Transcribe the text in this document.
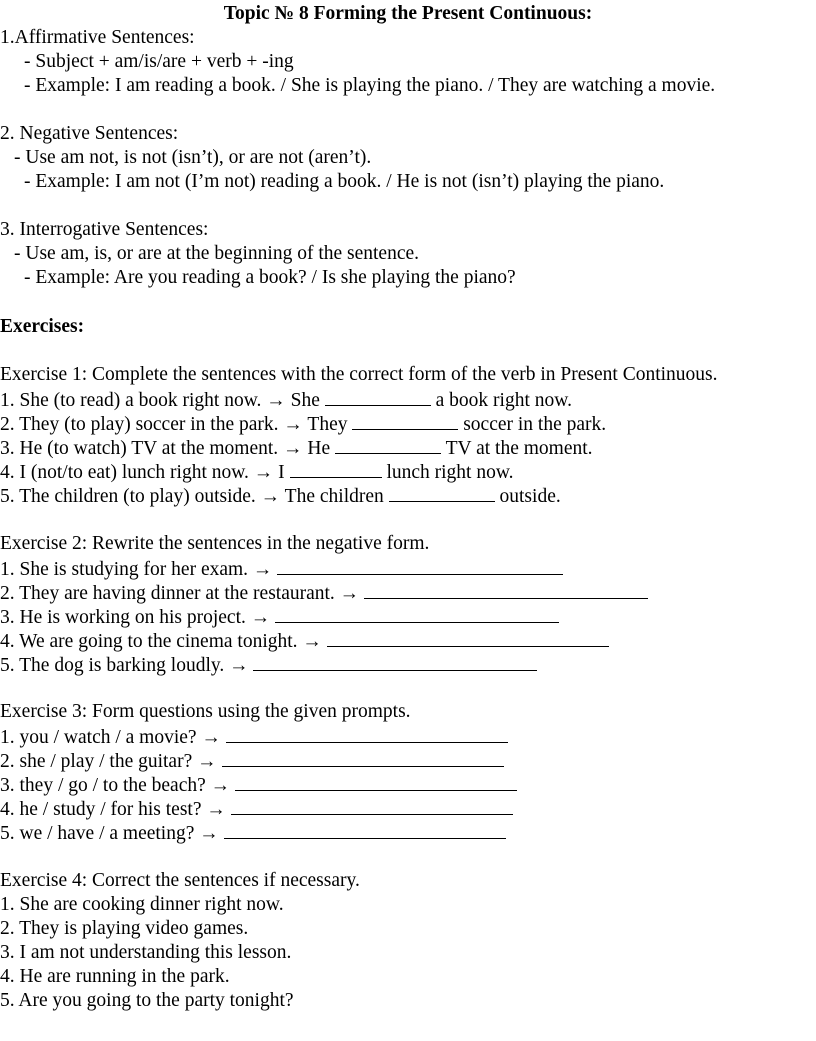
Topic № 8 Forming the Present Continuous:
1.Affirmative Sentences:
- Subject + am/is/are + verb + -ing
- Example: I am reading a book. / She is playing the piano. / They are watching a movie.
2. Negative Sentences:
- Use am not, is not (isn’t), or are not (aren’t).
- Example: I am not (I’m not) reading a book. / He is not (isn’t) playing the piano.
3. Interrogative Sentences:
- Use am, is, or are at the beginning of the sentence.
- Example: Are you reading a book? / Is she playing the piano?
Exercises:
Exercise 1: Complete the sentences with the correct form of the verb in Present Continuous.
1. She (to read) a book right now. → She	a book right now.
2. They (to play) soccer in the park. → They	soccer in the park.
3. He (to watch) TV at the moment. → He	TV at the moment.
4. I (not/to eat) lunch right now. → I	lunch right now.
5. The children (to play) outside. → The children	outside.
Exercise 2: Rewrite the sentences in the negative form.
1. She is studying for her exam. →
2. They are having dinner at the restaurant. →
3. He is working on his project. →
4. We are going to the cinema tonight. →
5. The dog is barking loudly. →
Exercise 3: Form questions using the given prompts.
1. you / watch / a movie? →
2. she / play / the guitar? →
3. they / go / to the beach? →
4. he / study / for his test? →
5. we / have / a meeting? →
Exercise 4: Correct the sentences if necessary.
1. She are cooking dinner right now.
2. They is playing video games.
3. I am not understanding this lesson.
4. He are running in the park.
5. Are you going to the party tonight?
